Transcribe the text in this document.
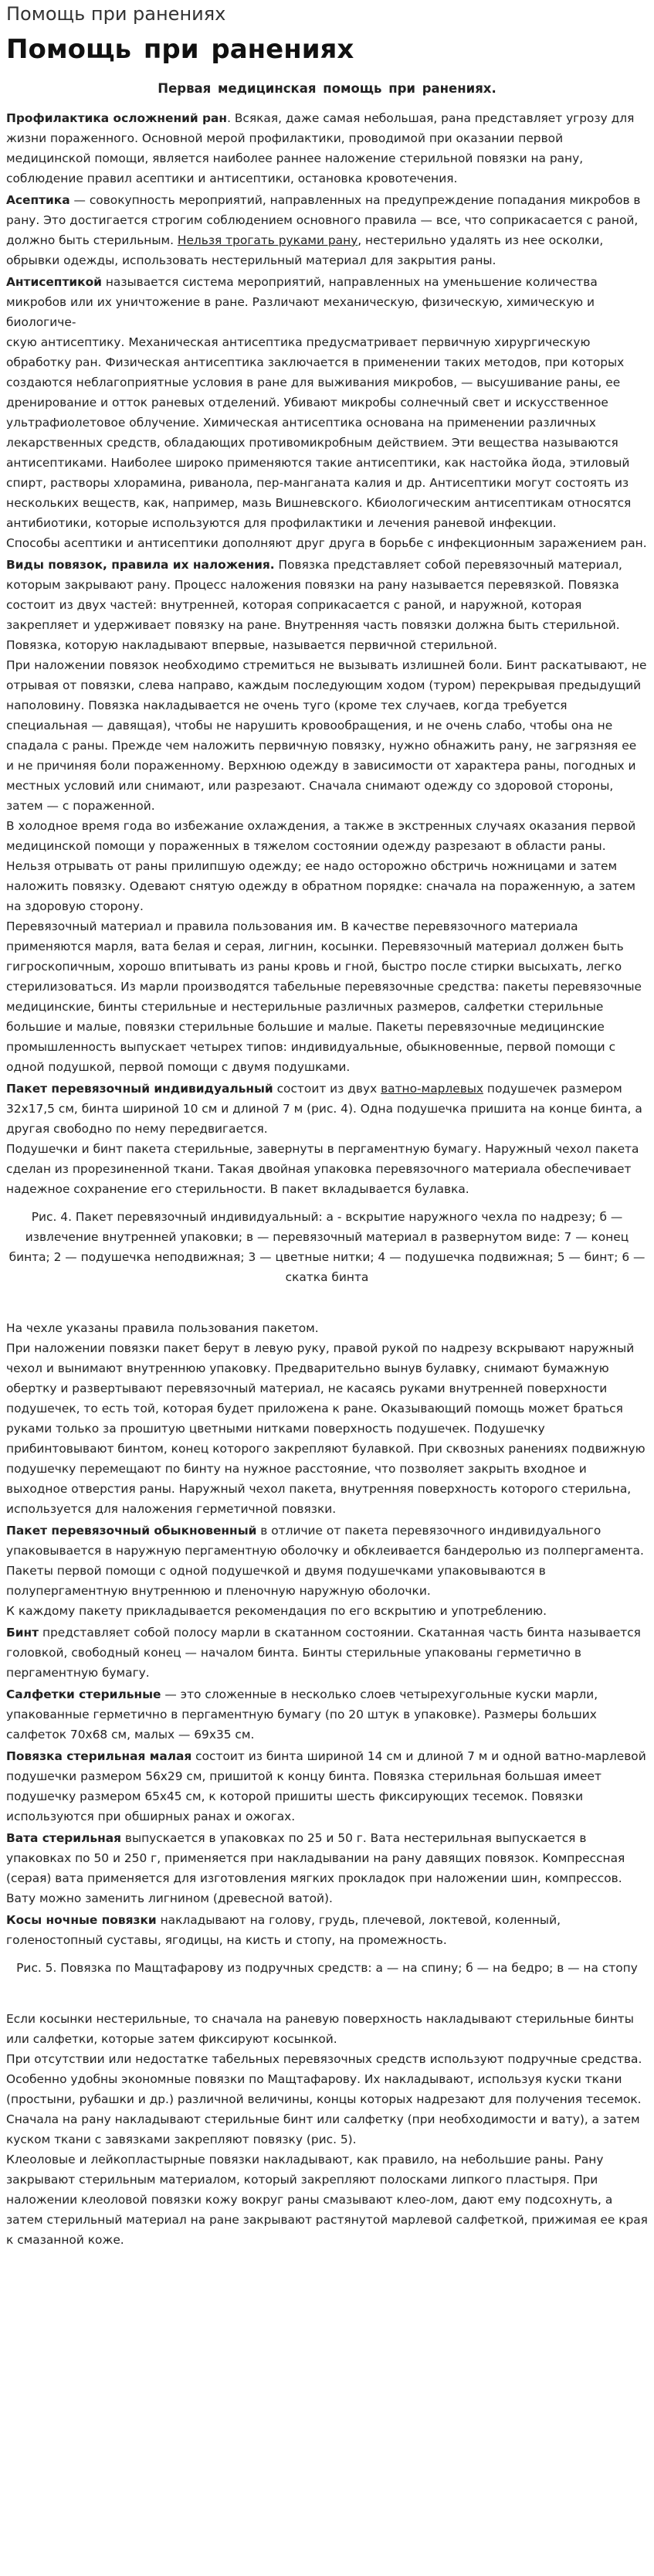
Помощь при ранениях
Помощь при ранениях
Первая медицинская помощь при ранениях.

Профилактика осложнений ран. Всякая, даже самая небольшая, рана представляет угрозу для жизни пораженного. Основной мерой профилактики, проводимой при оказании первой медицинской помощи, является наиболее раннее наложение стерильной повязки на рану, соблюдение правил асептики и антисептики, остановка кровотечения.

Асептика — совокупность мероприятий, направленных на предупреждение попадания микробов в рану. Это достигается строгим соблюдением основного правила — все, что соприкасается с раной, должно быть стерильным. Нельзя трогать руками рану, нестерильно удалять из нее осколки, обрывки одежды, использовать нестерильный материал для закрытия раны.

Антисептикой называется система мероприятий, направленных на уменьшение количества микробов или их уничтожение в ране. Различают механическую, физическую, химическую и биологиче-

скую антисептику. Механическая антисептика предусматривает первичную хирургическую обработку ран. Физическая антисептика заключается в применении таких методов, при которых создаются неблагоприятные условия в ране для выживания микробов, — высушивание раны, ее дренирование и отток раневых отделений. Убивают микробы солнечный свет и искусственное ультрафиолетовое облучение. Химическая антисептика основана на применении различных лекарственных средств, обладающих противомикробным действием. Эти вещества называются антисептиками. Наиболее широко применяются такие антисептики, как настойка йода, этиловый спирт, растворы хлорамина, риванола, пер-манганата калия и др. Антисептики могут состоять из нескольких веществ, как, например, мазь Вишневского. Кбиологическим антисептикам относятся антибиотики, которые используются для профилактики и лечения раневой инфекции.

Способы асептики и антисептики дополняют друг друга в борьбе с инфекционным заражением ран.

Виды повязок, правила их наложения. Повязка представляет собой перевязочный материал, которым закрывают рану. Процесс наложения повязки на рану называется перевязкой. Повязка состоит из двух частей: внутренней, которая соприкасается с раной, и наружной, которая закрепляет и удерживает повязку на ране. Внутренняя часть повязки должна быть стерильной.

Повязка, которую накладывают впервые, называется первичной стерильной.

При наложении повязок необходимо стремиться не вызывать излишней боли. Бинт раскатывают, не отрывая от повязки, слева направо, каждым последующим ходом (туром) перекрывая предыдущий наполовину. Повязка накладывается не очень туго (кроме тех случаев, когда требуется специальная — давящая), чтобы не нарушить кровообращения, и не очень слабо, чтобы она не спадала с раны. Прежде чем наложить первичную повязку, нужно обнажить рану, не загрязняя ее и не причиняя боли пораженному. Верхнюю одежду в зависимости от характера раны, погодных и местных условий или снимают, или разрезают. Сначала снимают одежду со здоровой стороны, затем — с пораженной.

В холодное время года во избежание охлаждения, а также в экстренных случаях оказания первой медицинской помощи у пораженных в тяжелом состоянии одежду разрезают в области раны. Нельзя отрывать от раны прилипшую одежду; ее надо осторожно обстричь ножницами и затем наложить повязку. Одевают снятую одежду в обратном порядке: сначала на пораженную, а затем на здоровую сторону.

Перевязочный материал и правила пользования им. В качестве перевязочного материала применяются марля, вата белая и серая, лигнин, косынки. Перевязочный материал должен быть гигроскопичным, хорошо впитывать из раны кровь и гной, быстро после стирки высыхать, легко стерилизоваться. Из марли производятся табельные перевязочные средства: пакеты перевязочные медицинские, бинты стерильные и нестерильные различных размеров, салфетки стерильные большие и малые, повязки стерильные большие и малые. Пакеты перевязочные медицинские промышленность выпускает четырех типов: индивидуальные, обыкновенные, первой помощи с одной подушкой, первой помощи с двумя подушками.

Пакет перевязочный индивидуальный состоит из двух ватно-марлевых подушечек размером 32x17,5 см, бинта шириной 10 см и длиной 7 м (рис. 4). Одна подушечка пришита на конце бинта, а другая свободно по нему передвигается.

Подушечки и бинт пакета стерильные, завернуты в пергаментную бумагу. Наружный чехол пакета сделан из прорезиненной ткани. Такая двойная упаковка перевязочного материала обеспечивает надежное сохранение его стерильности. В пакет вкладывается булавка.

Рис. 4. Пакет перевязочный индивидуальный: а - вскрытие наружного чехла по надрезу; б — извлечение внутренней упаковки; в — перевязочный материал в развернутом виде: 7 — конец бинта; 2 — подушечка неподвижная; 3 — цветные нитки; 4 — подушечка подвижная; 5 — бинт; 6 — скатка бинта

На чехле указаны правила пользования пакетом.

При наложении повязки пакет берут в левую руку, правой рукой по надрезу вскрывают наружный чехол и вынимают внутреннюю упаковку. Предварительно вынув булавку, снимают бумажную обертку и развертывают перевязочный материал, не касаясь руками внутренней поверхности подушечек, то есть той, которая будет приложена к ране. Оказывающий помощь может браться руками только за прошитую цветными нитками поверхность подушечек. Подушечку прибинтовывают бинтом, конец которого закрепляют булавкой. При сквозных ранениях подвижную подушечку перемещают по бинту на нужное расстояние, что позволяет закрыть входное и выходное отверстия раны. Наружный чехол пакета, внутренняя поверхность которого стерильна, используется для наложения герметичной повязки.

Пакет перевязочный обыкновенный в отличие от пакета перевязочного индивидуального упаковывается в наружную пергаментную оболочку и обклеивается бандеролью из полпергамента.

Пакеты первой помощи с одной подушечкой и двумя подушечками упаковываются в полупергаментную внутреннюю и пленочную наружную оболочки.

К каждому пакету прикладывается рекомендация по его вскрытию и употреблению.

Бинт представляет собой полосу марли в скатанном состоянии. Скатанная часть бинта называется головкой, свободный конец — началом бинта. Бинты стерильные упакованы герметично в пергаментную бумагу.

Салфетки стерильные — это сложенные в несколько слоев четырехугольные куски марли, упакованные герметично в пергаментную бумагу (по 20 штук в упаковке). Размеры больших салфеток 70x68 см, малых — 69x35 см.

Повязка стерильная малая состоит из бинта шириной 14 см и длиной 7 м и одной ватно-марлевой подушечки размером 56x29 см, пришитой к концу бинта. Повязка стерильная большая имеет подушечку размером 65x45 см, к которой пришиты шесть фиксирующих тесемок. Повязки используются при обширных ранах и ожогах.

Вата стерильная выпускается в упаковках по 25 и 50 г. Вата нестерильная выпускается в упаковках по 50 и 250 г, применяется при накладывании на рану давящих повязок. Компрессная (серая) вата применяется для изготовления мягких прокладок при наложении шин, компрессов. Вату можно заменить лигнином (древесной ватой).

Косы ночные повязки накладывают на голову, грудь, плечевой, локтевой, коленный, голеностопный суставы, ягодицы, на кисть и стопу, на промежность.

Рис. 5. Повязка по Мащтафарову из подручных средств: а — на спину; б — на бедро; в — на стопу

Если косынки нестерильные, то сначала на раневую поверхность накладывают стерильные бинты или салфетки, которые затем фиксируют косынкой.

При отсутствии или недостатке табельных перевязочных средств используют подручные средства. Особенно удобны экономные повязки по Мащтафарову. Их накладывают, используя куски ткани (простыни, рубашки и др.) различной величины, концы которых надрезают для получения тесемок. Сначала на рану накладывают стерильные бинт или салфетку (при необходимости и вату), а затем куском ткани с завязками закрепляют повязку (рис. 5).

Клеоловые и лейкопластырные повязки накладывают, как правило, на небольшие раны. Рану закрывают стерильным материалом, который закрепляют полосками липкого пластыря. При наложении клеоловой повязки кожу вокруг раны смазывают клео-лом, дают ему подсохнуть, а затем стерильный материал на ране закрывают растянутой марлевой салфеткой, прижимая ее края к смазанной коже.
